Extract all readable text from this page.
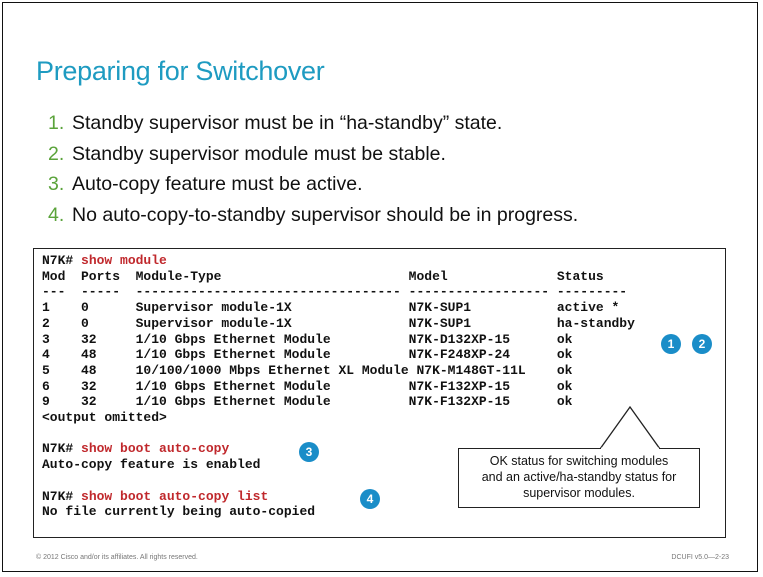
Preparing for Switchover
1. Standby supervisor must be in “ha-standby” state.
2. Standby supervisor module must be stable.
3. Auto-copy feature must be active.
4. No auto-copy-to-standby supervisor should be in progress.
N7K# show module
Mod  Ports  Module-Type                        Model              Status
---  -----  ---------------------------------- ------------------ ---------
1    0      Supervisor module-1X               N7K-SUP1           active *
2    0      Supervisor module-1X               N7K-SUP1           ha-standby
3    32     1/10 Gbps Ethernet Module          N7K-D132XP-15      ok
4    48     1/10 Gbps Ethernet Module          N7K-F248XP-24      ok
5    48     10/100/1000 Mbps Ethernet XL Module N7K-M148GT-11L    ok
6    32     1/10 Gbps Ethernet Module          N7K-F132XP-15      ok
9    32     1/10 Gbps Ethernet Module          N7K-F132XP-15      ok
<output omitted>

N7K# show boot auto-copy
Auto-copy feature is enabled

N7K# show boot auto-copy list
No file currently being auto-copied
1	2
3
4
OK status for switching modules
and an active/ha-standby status for
supervisor modules.
© 2012 Cisco and/or its affiliates. All rights reserved.	DCUFI v5.0—2-23
